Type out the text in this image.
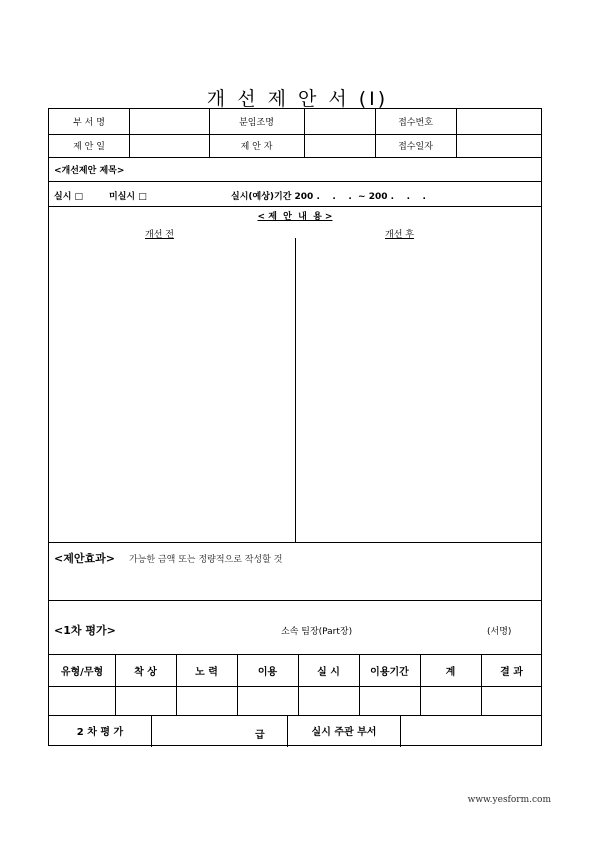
개 선 제 안 서 (I)
부 서 명	분임조명	접수번호
제 안 일	제 안 자	접수일자
<개선제안 제목>
실시 □	미실시 □	실시(예상)기간 200 .    .    .  ~ 200 .    .    .
< 제  안  내  용 >
개선 전	개선 후
<제안효과> 가능한 금액 또는 정량적으로 작성할 것
<1차 평가>	소속 팀장(Part장)	(서명)
유형/무형	착 상	노 력	이용	실 시	이용기간	계	결 과
2 차 평 가	급	실시 주관 부서
www.yesform.com
